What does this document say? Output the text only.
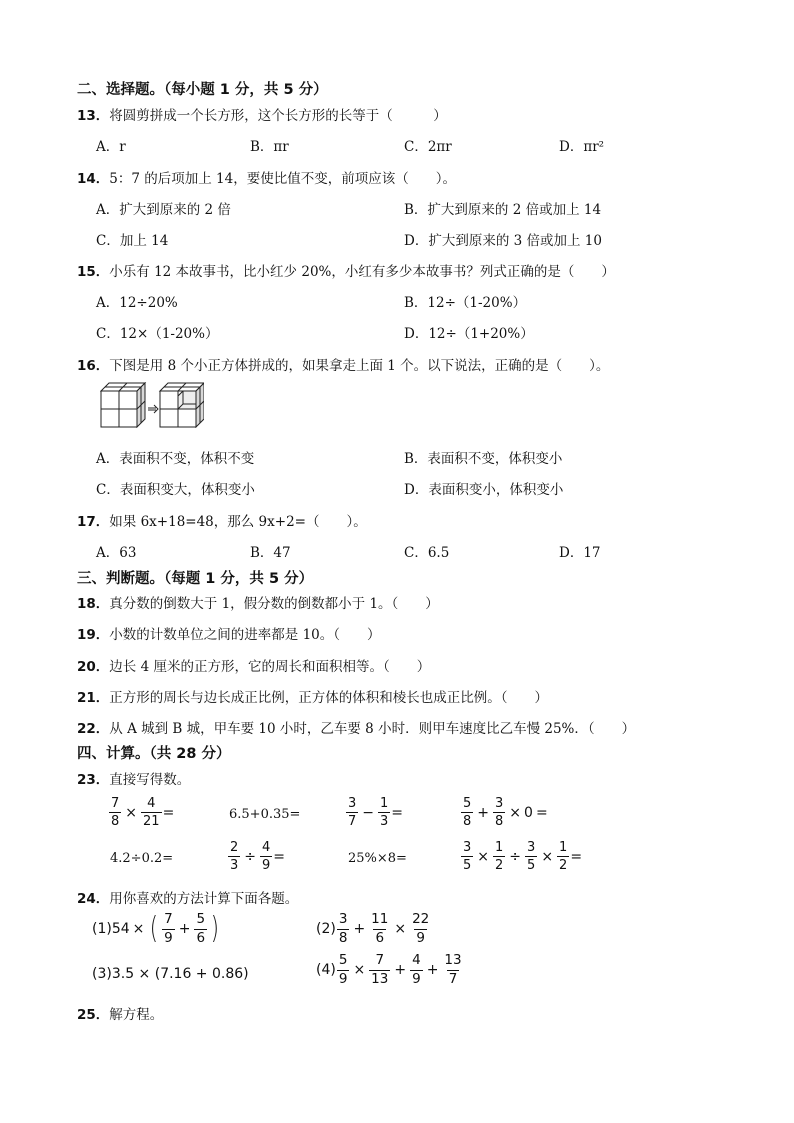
二、选择题。（每小题 1 分，共 5 分）
13．将圆剪拼成一个长方形，这个长方形的长等于（　　　）
A．r	B．πr	C．2πr	D．πr²
14．5：7 的后项加上 14，要使比值不变，前项应该（　　）。
A．扩大到原来的 2 倍	B．扩大到原来的 2 倍或加上 14
C．加上 14	D．扩大到原来的 3 倍或加上 10
15．小乐有 12 本故事书，比小红少 20%，小红有多少本故事书？列式正确的是（　　）
A．12÷20%	B．12÷（1-20%）
C．12×（1-20%）	D．12÷（1+20%）
16．下图是用 8 个小正方体拼成的，如果拿走上面 1 个。以下说法，正确的是（　　）。
A．表面积不变，体积不变	B．表面积不变，体积变小
C．表面积变大，体积变小	D．表面积变小，体积变小
17．如果 6x+18=48，那么 9x+2=（　　）。
A．63	B．47	C．6.5	D．17
三、判断题。（每题 1 分，共 5 分）
18．真分数的倒数大于 1，假分数的倒数都小于 1。（　　）
19．小数的计数单位之间的进率都是 10。（　　）
20．边长 4 厘米的正方形，它的周长和面积相等。（　　）
21．正方形的周长与边长成正比例，正方体的体积和棱长也成正比例。（　　）
22．从 A 城到 B 城，甲车要 10 小时，乙车要 8 小时．则甲车速度比乙车慢 25%．（　　）
四、计算。（共 28 分）
23．直接写得数。
$\frac{7}{8} \times \frac{4}{21}$ =	6.5+0.35=	$\frac{3}{7} - \frac{1}{3}$ =	$\frac{5}{8} + \frac{3}{8} \times 0$ =
4.2÷0.2=	$\frac{2}{3} \div \frac{4}{9}$ =	25%×8=	$\frac{3}{5} \times \frac{1}{2} \div \frac{3}{5} \times \frac{1}{2}$ =
24．用你喜欢的方法计算下面各题。
(1)54 × ( $\frac{7}{9} + \frac{5}{6}$ )	$(2) \frac{3}{8} + \frac{11}{6} \times \frac{22}{9}$
(3)3.5 × (7.16 + 0.86)	$(4) \frac{5}{9} \times \frac{7}{13} + \frac{4}{9} + \frac{13}{7}$
25．解方程。
